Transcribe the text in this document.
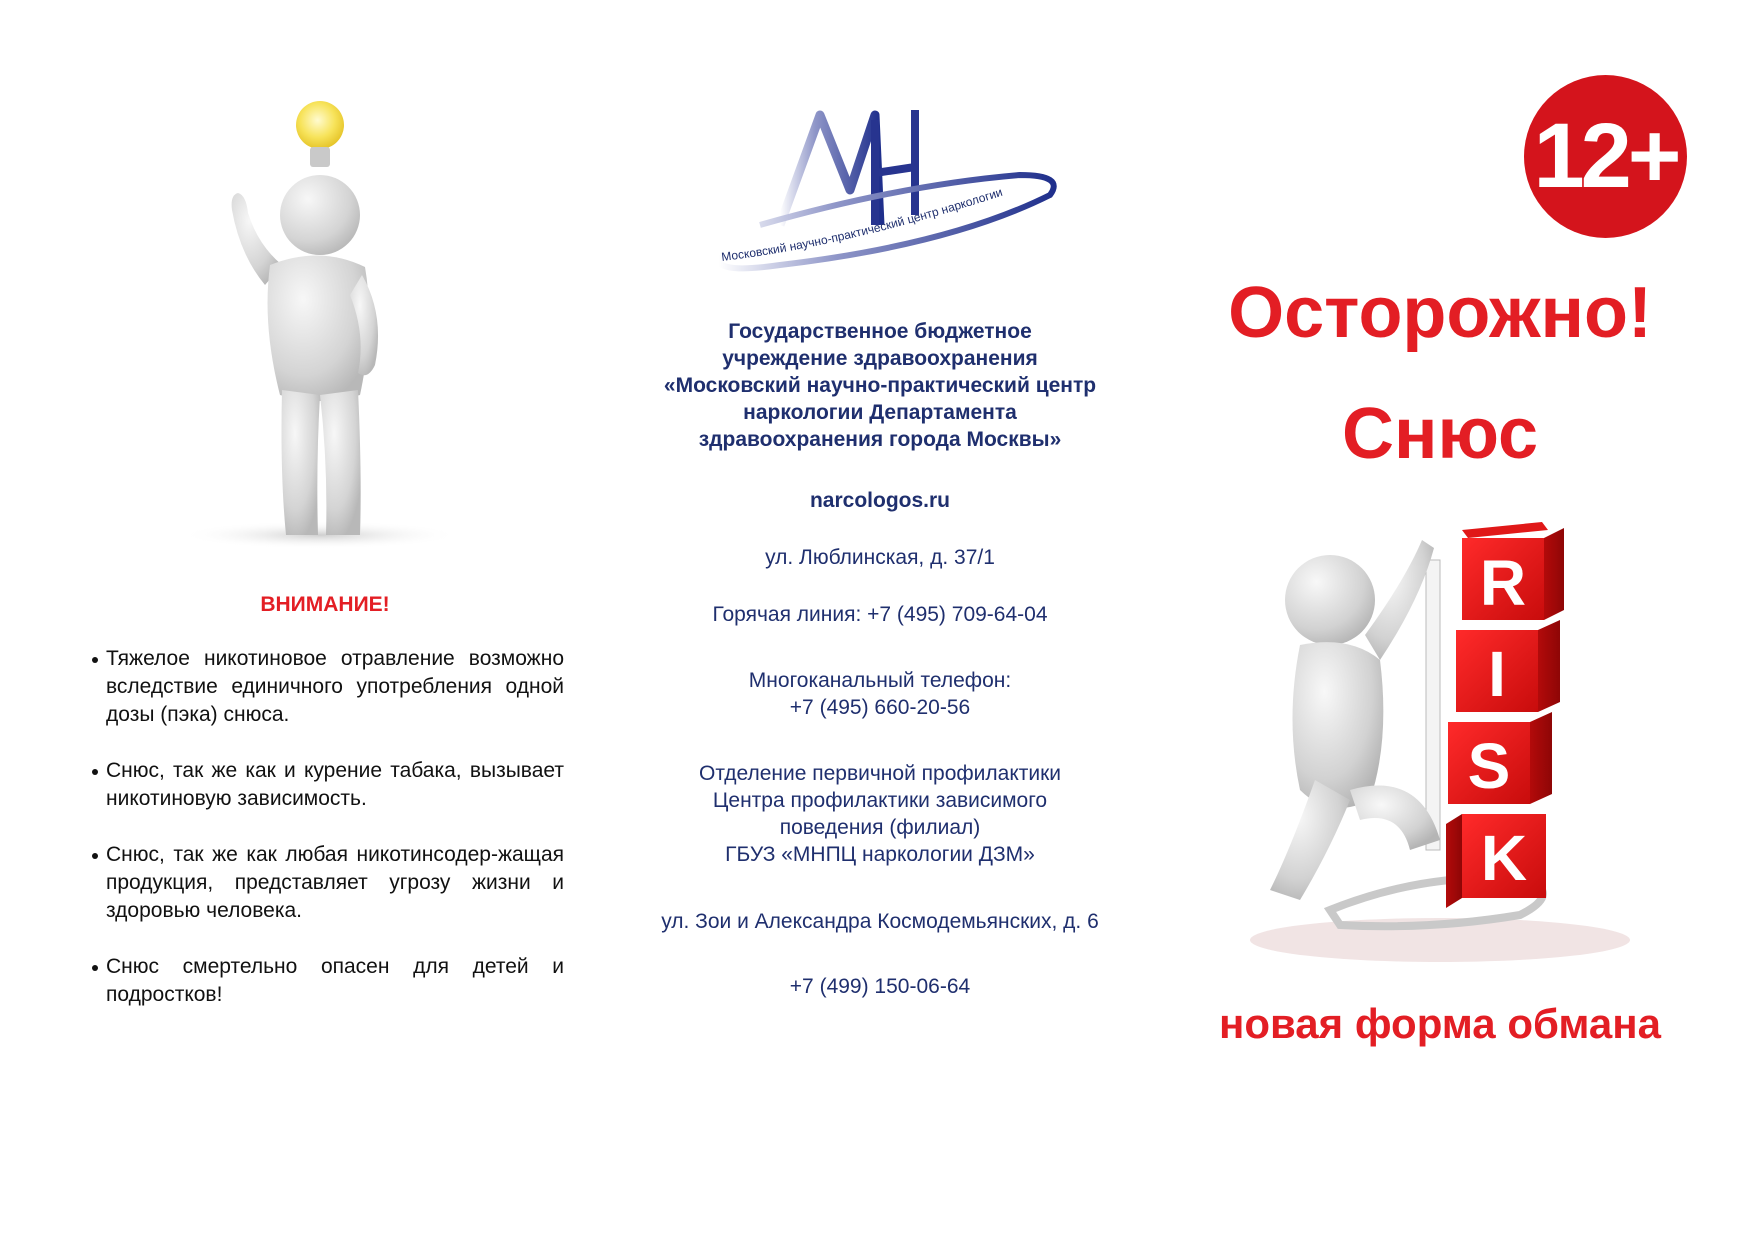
ВНИМАНИЕ!
Тяжелое никотиновое отравление возможно вследствие единичного употребления одной дозы (пэка) снюса.
Снюс, так же как и курение табака, вызывает никотиновую зависимость.
Снюс, так же как любая никотинсодер-жащая продукция, представляет угрозу жизни и здоровью человека.
Снюс смертельно опасен для детей и подростков!
Московский научно-практический центр наркологии
Государственное бюджетное
учреждение здравоохранения
«Московский научно-практический центр
наркологии Департамента
здравоохранения города Москвы»
narcologos.ru
ул. Люблинская, д. 37/1
Горячая линия: +7 (495) 709-64-04
Многоканальный телефон:
+7 (495) 660-20-56
Отделение первичной профилактики
Центра профилактики зависимого
поведения (филиал)
ГБУЗ «МНПЦ наркологии ДЗМ»
ул. Зои и Александра Космодемьянских, д. 6
+7 (499) 150-06-64
12+
Осторожно!
Снюс
R
I
S
K
новая форма обмана
